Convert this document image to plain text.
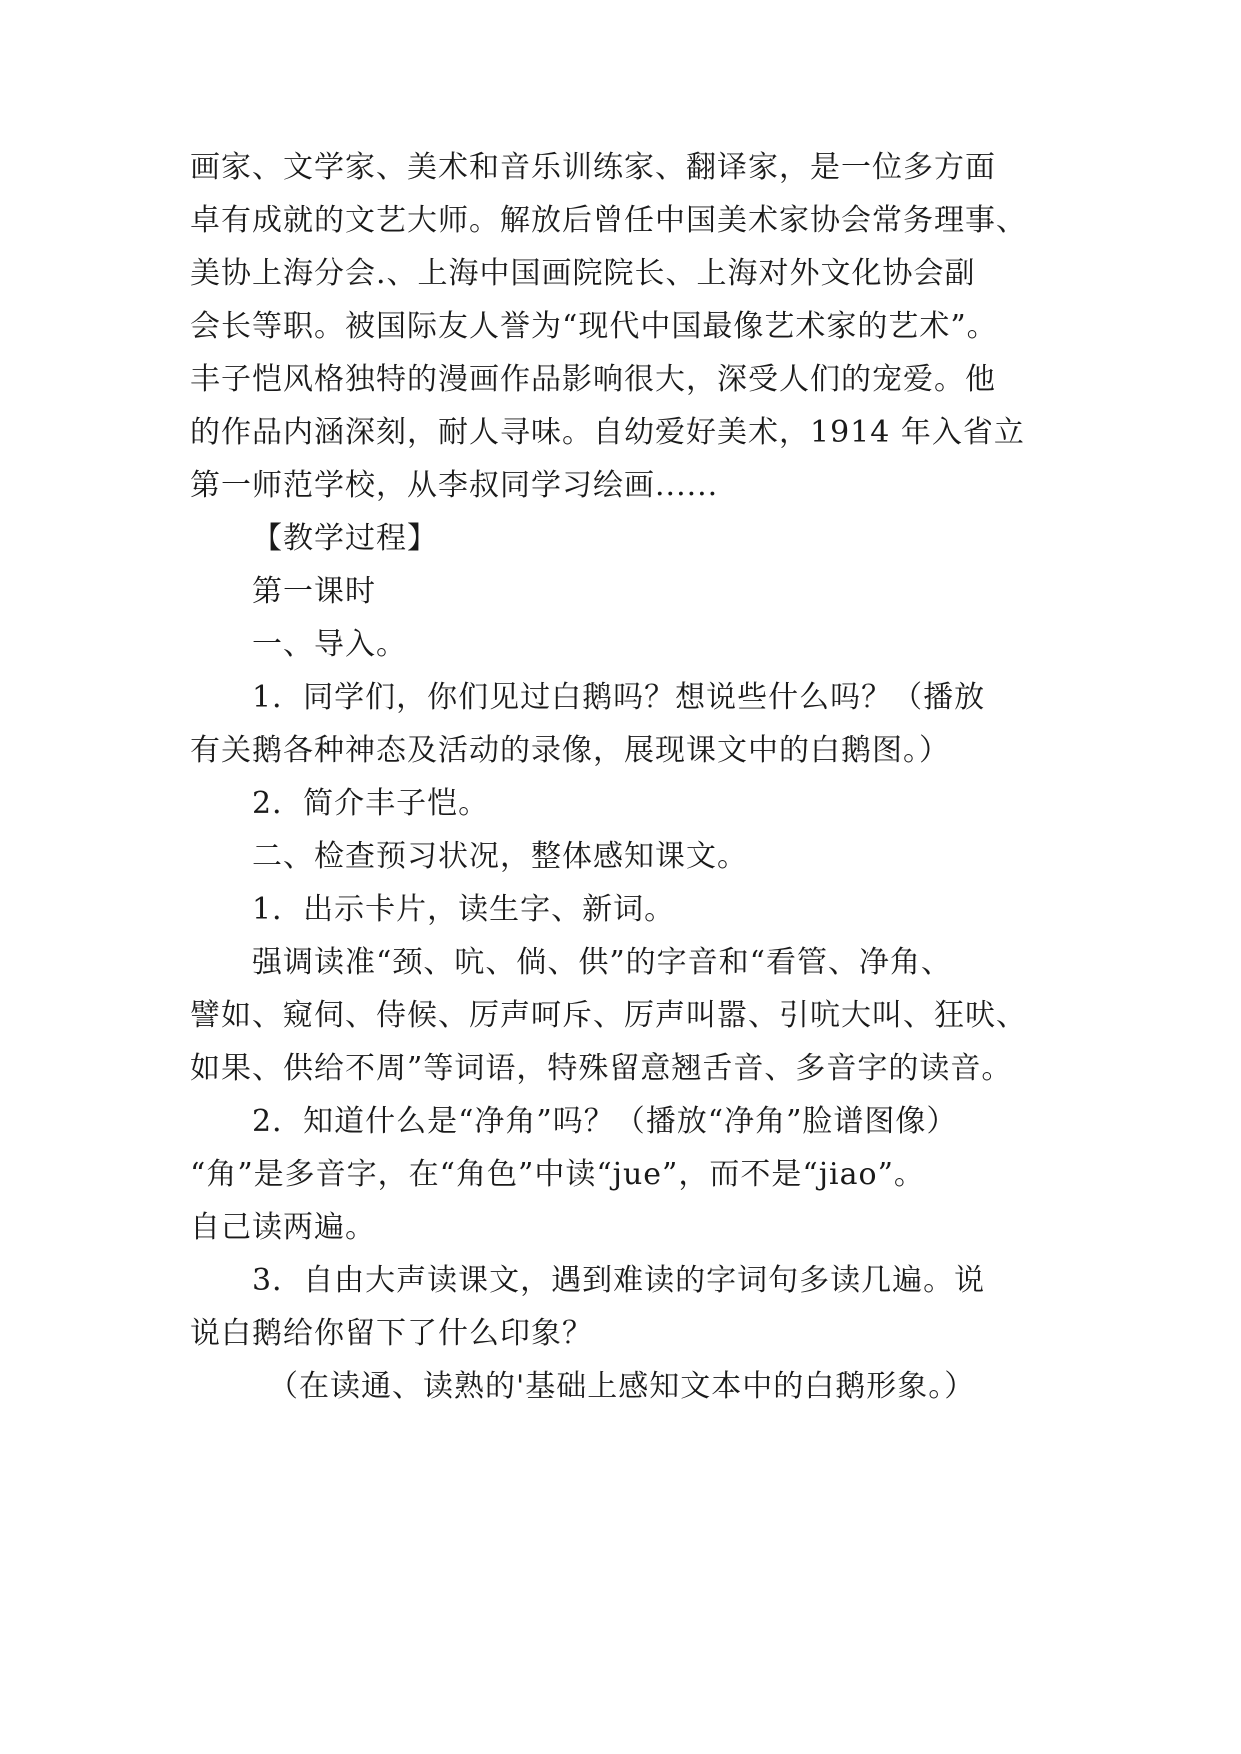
画家、文学家、美术和音乐训练家、翻译家，是一位多方面
卓有成就的文艺大师。解放后曾任中国美术家协会常务理事、
美协上海分会.、上海中国画院院长、上海对外文化协会副
会长等职。被国际友人誉为“现代中国最像艺术家的艺术”。
丰子恺风格独特的漫画作品影响很大，深受人们的宠爱。他
的作品内涵深刻，耐人寻味。自幼爱好美术，1914 年入省立
第一师范学校，从李叔同学习绘画......
【教学过程】
第一课时
一、导入。
1．同学们，你们见过白鹅吗？想说些什么吗？（播放
有关鹅各种神态及活动的录像，展现课文中的白鹅图。）
2．简介丰子恺。
二、检查预习状况，整体感知课文。
1．出示卡片，读生字、新词。
强调读准“颈、吭、倘、供”的字音和“看管、净角、
譬如、窥伺、侍候、厉声呵斥、厉声叫嚣、引吭大叫、狂吠、
如果、供给不周”等词语，特殊留意翘舌音、多音字的读音。
2．知道什么是“净角”吗？（播放“净角”脸谱图像）
“角”是多音字，在“角色”中读“jue”，而不是“jiao”。
自己读两遍。
3．自由大声读课文，遇到难读的字词句多读几遍。说
说白鹅给你留下了什么印象？
（在读通、读熟的'基础上感知文本中的白鹅形象。）
